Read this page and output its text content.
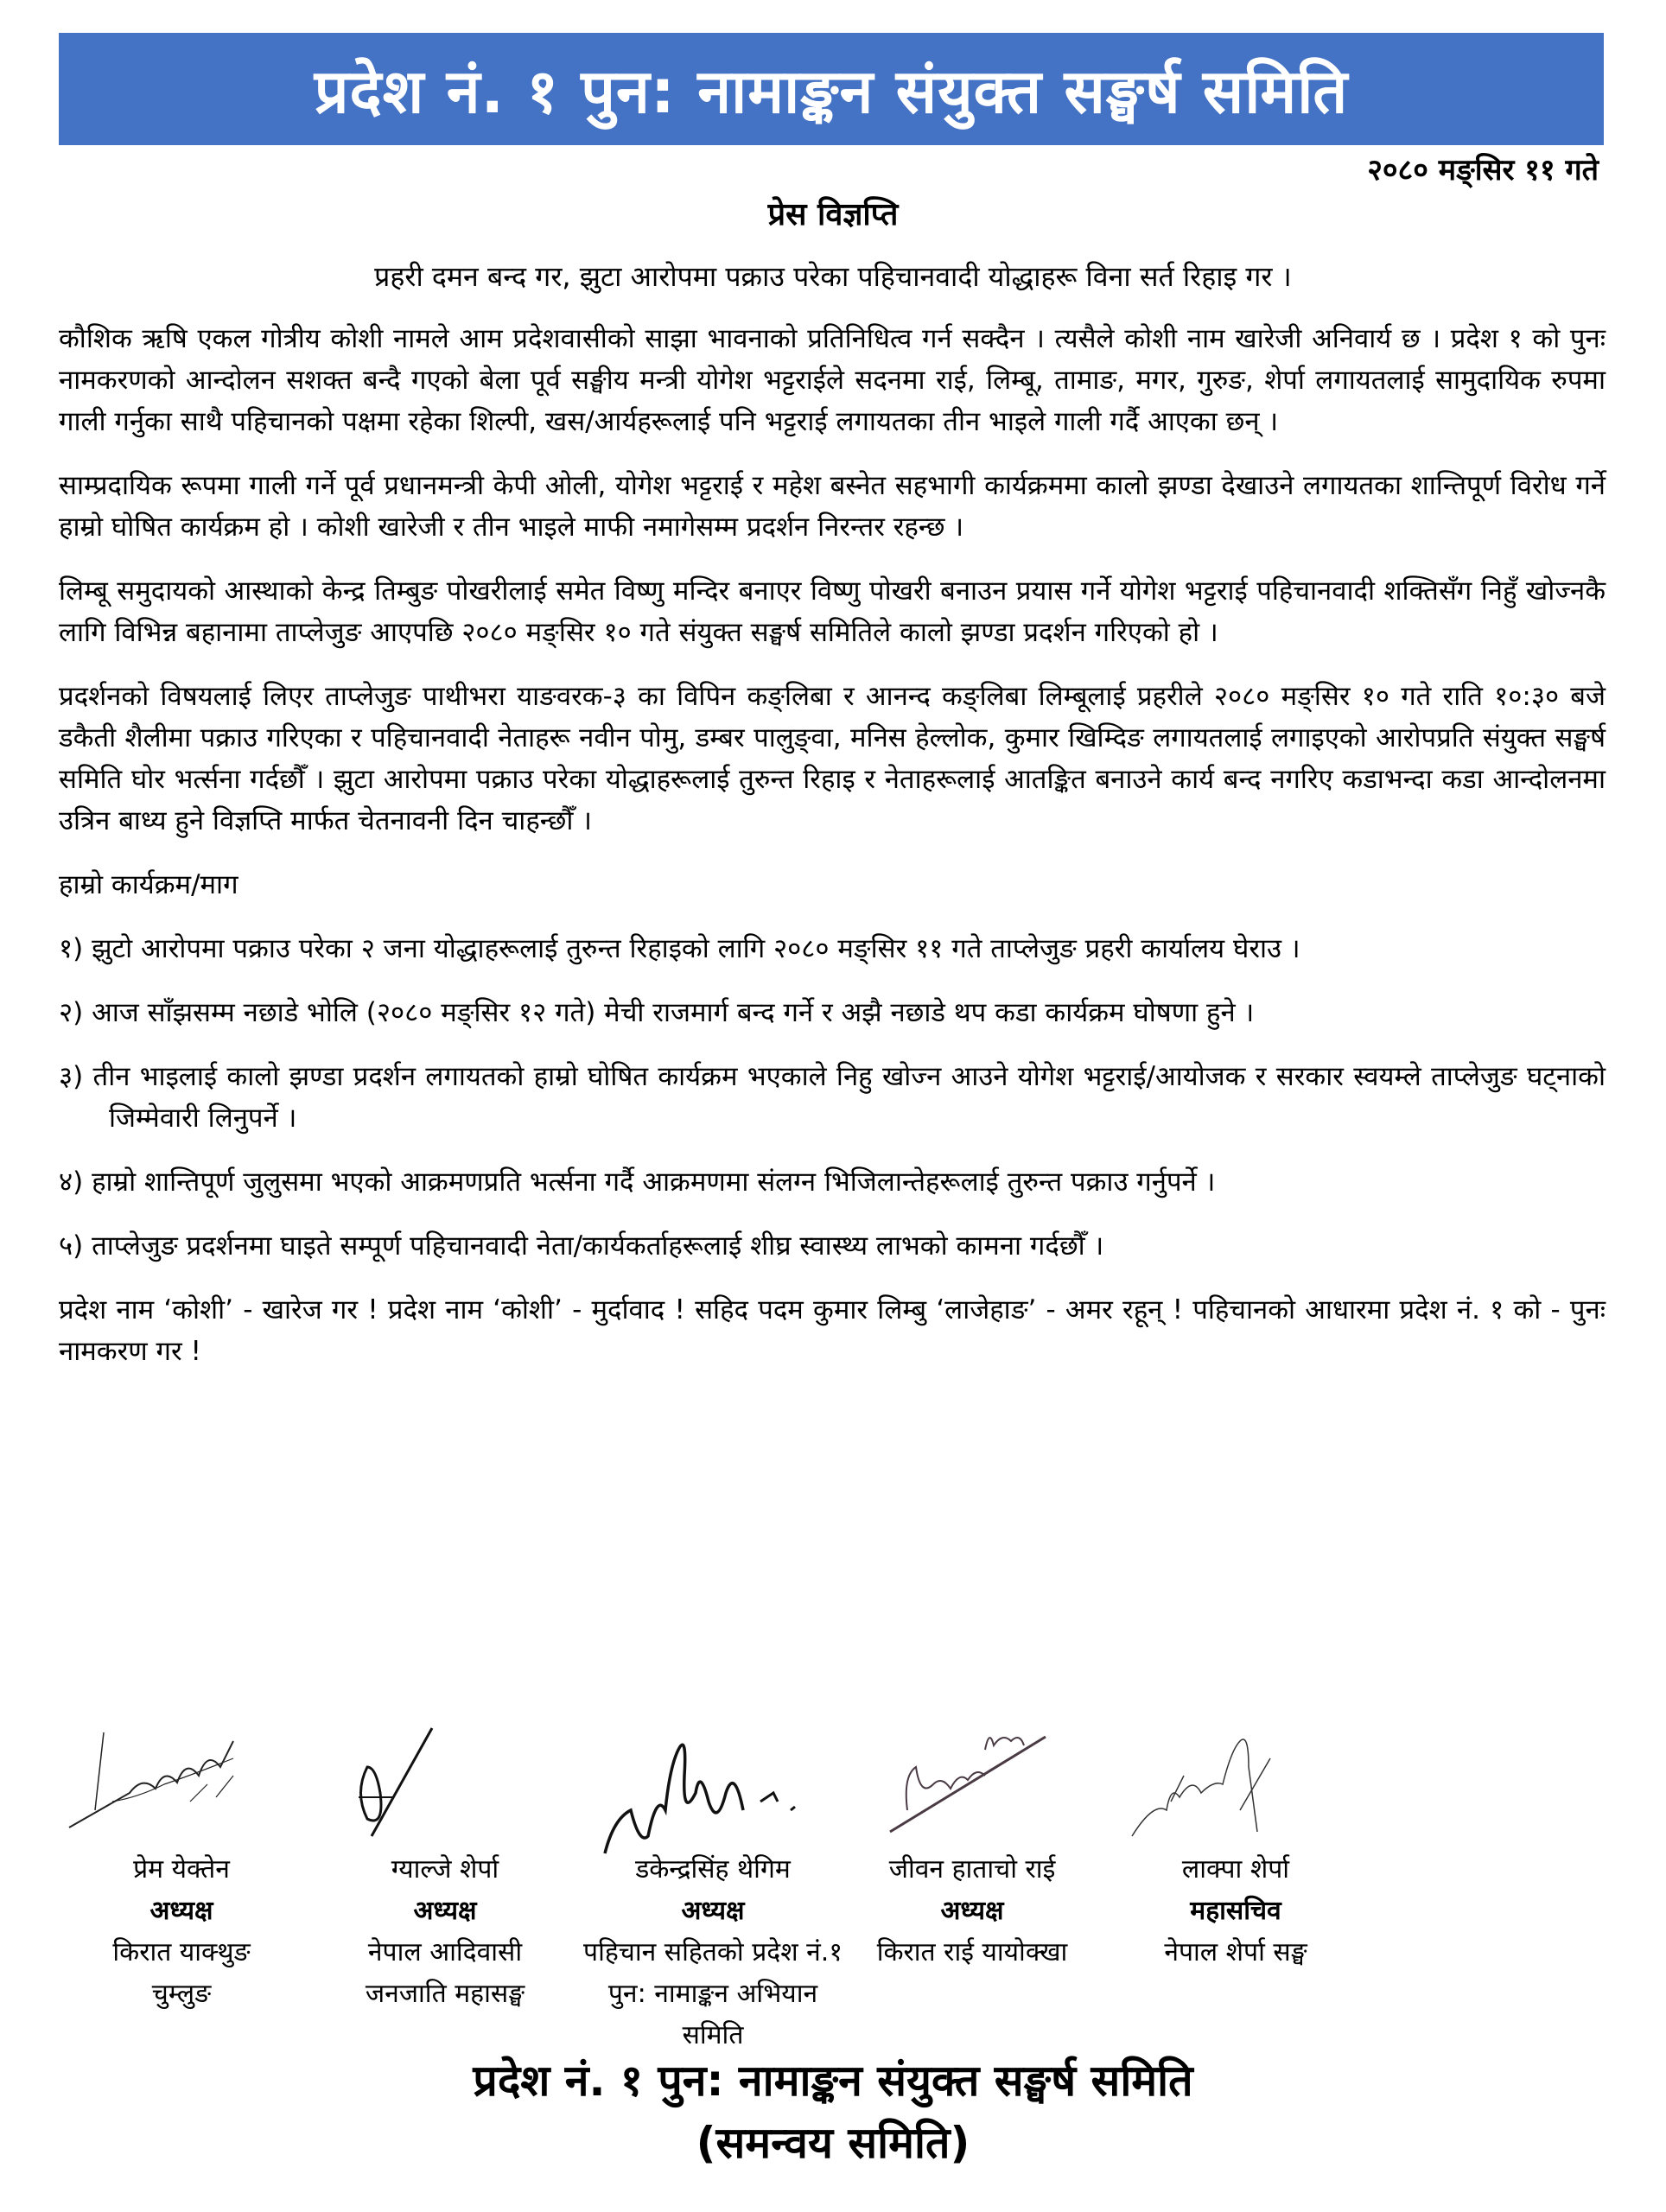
प्रदेश नं. १ पुन: नामाङ्कन संयुक्त सङ्घर्ष समिति
२०८० मङ्सिर ११ गते
प्रेस विज्ञप्ति
प्रहरी दमन बन्द गर, झुटा आरोपमा पक्राउ परेका पहिचानवादी योद्धाहरू विना सर्त रिहाइ गर ।

कौशिक ऋषि एकल गोत्रीय कोशी नामले आम प्रदेशवासीको साझा भावनाको प्रतिनिधित्व गर्न सक्दैन । त्यसैले कोशी नाम खारेजी अनिवार्य छ । प्रदेश १ को पुनः नामकरणको आन्दोलन सशक्त बन्दै गएको बेला पूर्व सङ्घीय मन्त्री योगेश भट्टराईले सदनमा राई, लिम्बू, तामाङ, मगर, गुरुङ, शेर्पा लगायतलाई सामुदायिक रुपमा गाली गर्नुका साथै पहिचानको पक्षमा रहेका शिल्पी, खस/आर्यहरूलाई पनि भट्टराई लगायतका तीन भाइले गाली गर्दै आएका छन् ।

साम्प्रदायिक रूपमा गाली गर्ने पूर्व प्रधानमन्त्री केपी ओली, योगेश भट्टराई र महेश बस्नेत सहभागी कार्यक्रममा कालो झण्डा देखाउने लगायतका शान्तिपूर्ण विरोध गर्ने हाम्रो घोषित कार्यक्रम हो । कोशी खारेजी र तीन भाइले माफी नमागेसम्म प्रदर्शन निरन्तर रहन्छ ।

लिम्बू समुदायको आस्थाको केन्द्र तिम्बुङ पोखरीलाई समेत विष्णु मन्दिर बनाएर विष्णु पोखरी बनाउन प्रयास गर्ने योगेश भट्टराई पहिचानवादी शक्तिसँग निहुँ खोज्नकै लागि विभिन्न बहानामा ताप्लेजुङ आएपछि २०८० मङ्सिर १० गते संयुक्त सङ्घर्ष समितिले कालो झण्डा प्रदर्शन गरिएको हो ।

प्रदर्शनको विषयलाई लिएर ताप्लेजुङ पाथीभरा याङवरक-३ का विपिन कङ्लिबा र आनन्द कङ्लिबा लिम्बूलाई प्रहरीले २०८० मङ्सिर १० गते राति १०:३० बजे डकैती शैलीमा पक्राउ गरिएका र पहिचानवादी नेताहरू नवीन पोमु, डम्बर पालुङ्वा, मनिस हेल्लोक, कुमार खिम्दिङ लगायतलाई लगाइएको आरोपप्रति संयुक्त सङ्घर्ष समिति घोर भर्त्सना गर्दछौँ । झुटा आरोपमा पक्राउ परेका योद्धाहरूलाई तुरुन्त रिहाइ र नेताहरूलाई आतङ्कित बनाउने कार्य बन्द नगरिए कडाभन्दा कडा आन्दोलनमा उत्रिन बाध्य हुने विज्ञप्ति मार्फत चेतनावनी दिन चाहन्छौँ ।

हाम्रो कार्यक्रम/माग
१) झुटो आरोपमा पक्राउ परेका २ जना योद्धाहरूलाई तुरुन्त रिहाइको लागि २०८० मङ्सिर ११ गते ताप्लेजुङ प्रहरी कार्यालय घेराउ ।
२) आज साँझसम्म नछाडे भोलि (२०८० मङ्सिर १२ गते) मेची राजमार्ग बन्द गर्ने र अझै नछाडे थप कडा कार्यक्रम घोषणा हुने ।
३) तीन भाइलाई कालो झण्डा प्रदर्शन लगायतको हाम्रो घोषित कार्यक्रम भएकाले निहु खोज्न आउने योगेश भट्टराई/आयोजक र सरकार स्वयम्ले ताप्लेजुङ घट्नाको जिम्मेवारी लिनुपर्ने ।
४) हाम्रो शान्तिपूर्ण जुलुसमा भएको आक्रमणप्रति भर्त्सना गर्दै आक्रमणमा संलग्न भिजिलान्तेहरूलाई तुरुन्त पक्राउ गर्नुपर्ने ।
५) ताप्लेजुङ प्रदर्शनमा घाइते सम्पूर्ण पहिचानवादी नेता/कार्यकर्ताहरूलाई शीघ्र स्वास्थ्य लाभको कामना गर्दछौँ ।

प्रदेश नाम ‘कोशी’ - खारेज गर ! प्रदेश नाम ‘कोशी’ - मुर्दावाद ! सहिद पदम कुमार लिम्बु ‘लाजेहाङ’ - अमर रहून् ! पहिचानको आधारमा प्रदेश नं. १ को - पुनः नामकरण गर !

प्रेम येक्तेन
अध्यक्ष
किरात याक्थुङ
चुम्लुङ
ग्याल्जे शेर्पा
अध्यक्ष
नेपाल आदिवासी
जनजाति महासङ्घ
डकेन्द्रसिंह थेगिम
अध्यक्ष
पहिचान सहितको प्रदेश नं.१
पुन: नामाङ्कन अभियान समिति
जीवन हाताचो राई
अध्यक्ष
किरात राई यायोक्खा
लाक्पा शेर्पा
महासचिव
नेपाल शेर्पा सङ्घ
प्रदेश नं. १ पुन: नामाङ्कन संयुक्त सङ्घर्ष समिति
(समन्वय समिति)
